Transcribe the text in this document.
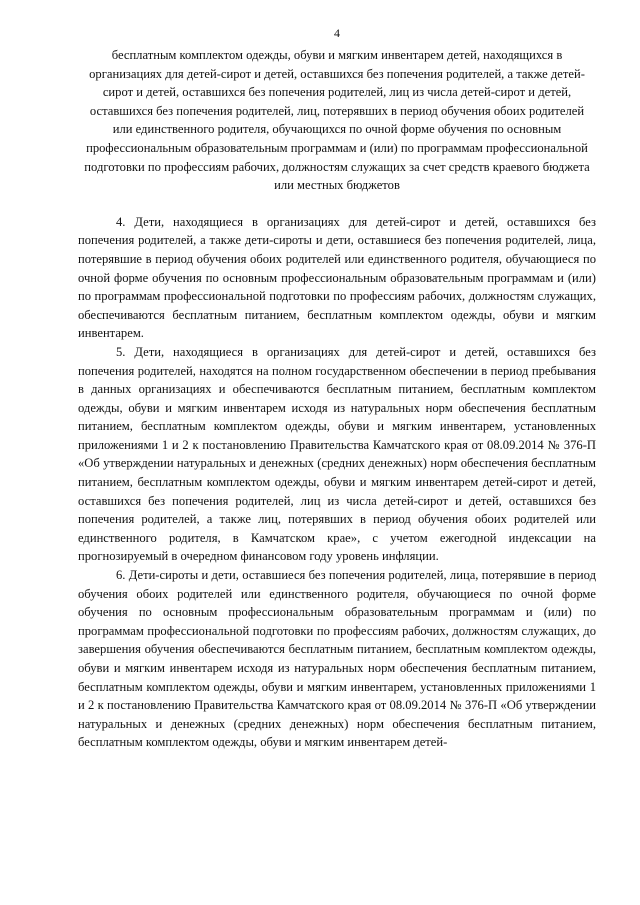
4

бесплатным комплектом одежды, обуви и мягким инвентарем детей, находящихся в организациях для детей-сирот и детей, оставшихся без попечения родителей, а также детей-сирот и детей, оставшихся без попечения родителей, лиц из числа детей-сирот и детей, оставшихся без попечения родителей, лиц, потерявших в период обучения обоих родителей или единственного родителя, обучающихся по очной форме обучения по основным профессиональным образовательным программам и (или) по программам профессиональной подготовки по профессиям рабочих, должностям служащих за счет средств краевого бюджета или местных бюджетов

4. Дети, находящиеся в организациях для детей-сирот и детей, оставшихся без попечения родителей, а также дети-сироты и дети, оставшиеся без попечения родителей, лица, потерявшие в период обучения обоих родителей или единственного родителя, обучающиеся по очной форме обучения по основным профессиональным образовательным программам и (или) по программам профессиональной подготовки по профессиям рабочих, должностям служащих, обеспечиваются бесплатным питанием, бесплатным комплектом одежды, обуви и мягким инвентарем.

5. Дети, находящиеся в организациях для детей-сирот и детей, оставшихся без попечения родителей, находятся на полном государственном обеспечении в период пребывания в данных организациях и обеспечиваются бесплатным питанием, бесплатным комплектом одежды, обуви и мягким инвентарем исходя из натуральных норм обеспечения бесплатным питанием, бесплатным комплектом одежды, обуви и мягким инвентарем, установленных приложениями 1 и 2 к постановлению Правительства Камчатского края от 08.09.2014 № 376-П «Об утверждении натуральных и денежных (средних денежных) норм обеспечения бесплатным питанием, бесплатным комплектом одежды, обуви и мягким инвентарем детей-сирот и детей, оставшихся без попечения родителей, лиц из числа детей-сирот и детей, оставшихся без попечения родителей, а также лиц, потерявших в период обучения обоих родителей или единственного родителя, в Камчатском крае», с учетом ежегодной индексации на прогнозируемый в очередном финансовом году уровень инфляции.

6. Дети-сироты и дети, оставшиеся без попечения родителей, лица, потерявшие в период обучения обоих родителей или единственного родителя, обучающиеся по очной форме обучения по основным профессиональным образовательным программам и (или) по программам профессиональной подготовки по профессиям рабочих, должностям служащих, до завершения обучения обеспечиваются бесплатным питанием, бесплатным комплектом одежды, обуви и мягким инвентарем исходя из натуральных норм обеспечения бесплатным питанием, бесплатным комплектом одежды, обуви и мягким инвентарем, установленных приложениями 1 и 2 к постановлению Правительства Камчатского края от 08.09.2014 № 376-П «Об утверждении натуральных и денежных (средних денежных) норм обеспечения бесплатным питанием, бесплатным комплектом одежды, обуви и мягким инвентарем детей-
